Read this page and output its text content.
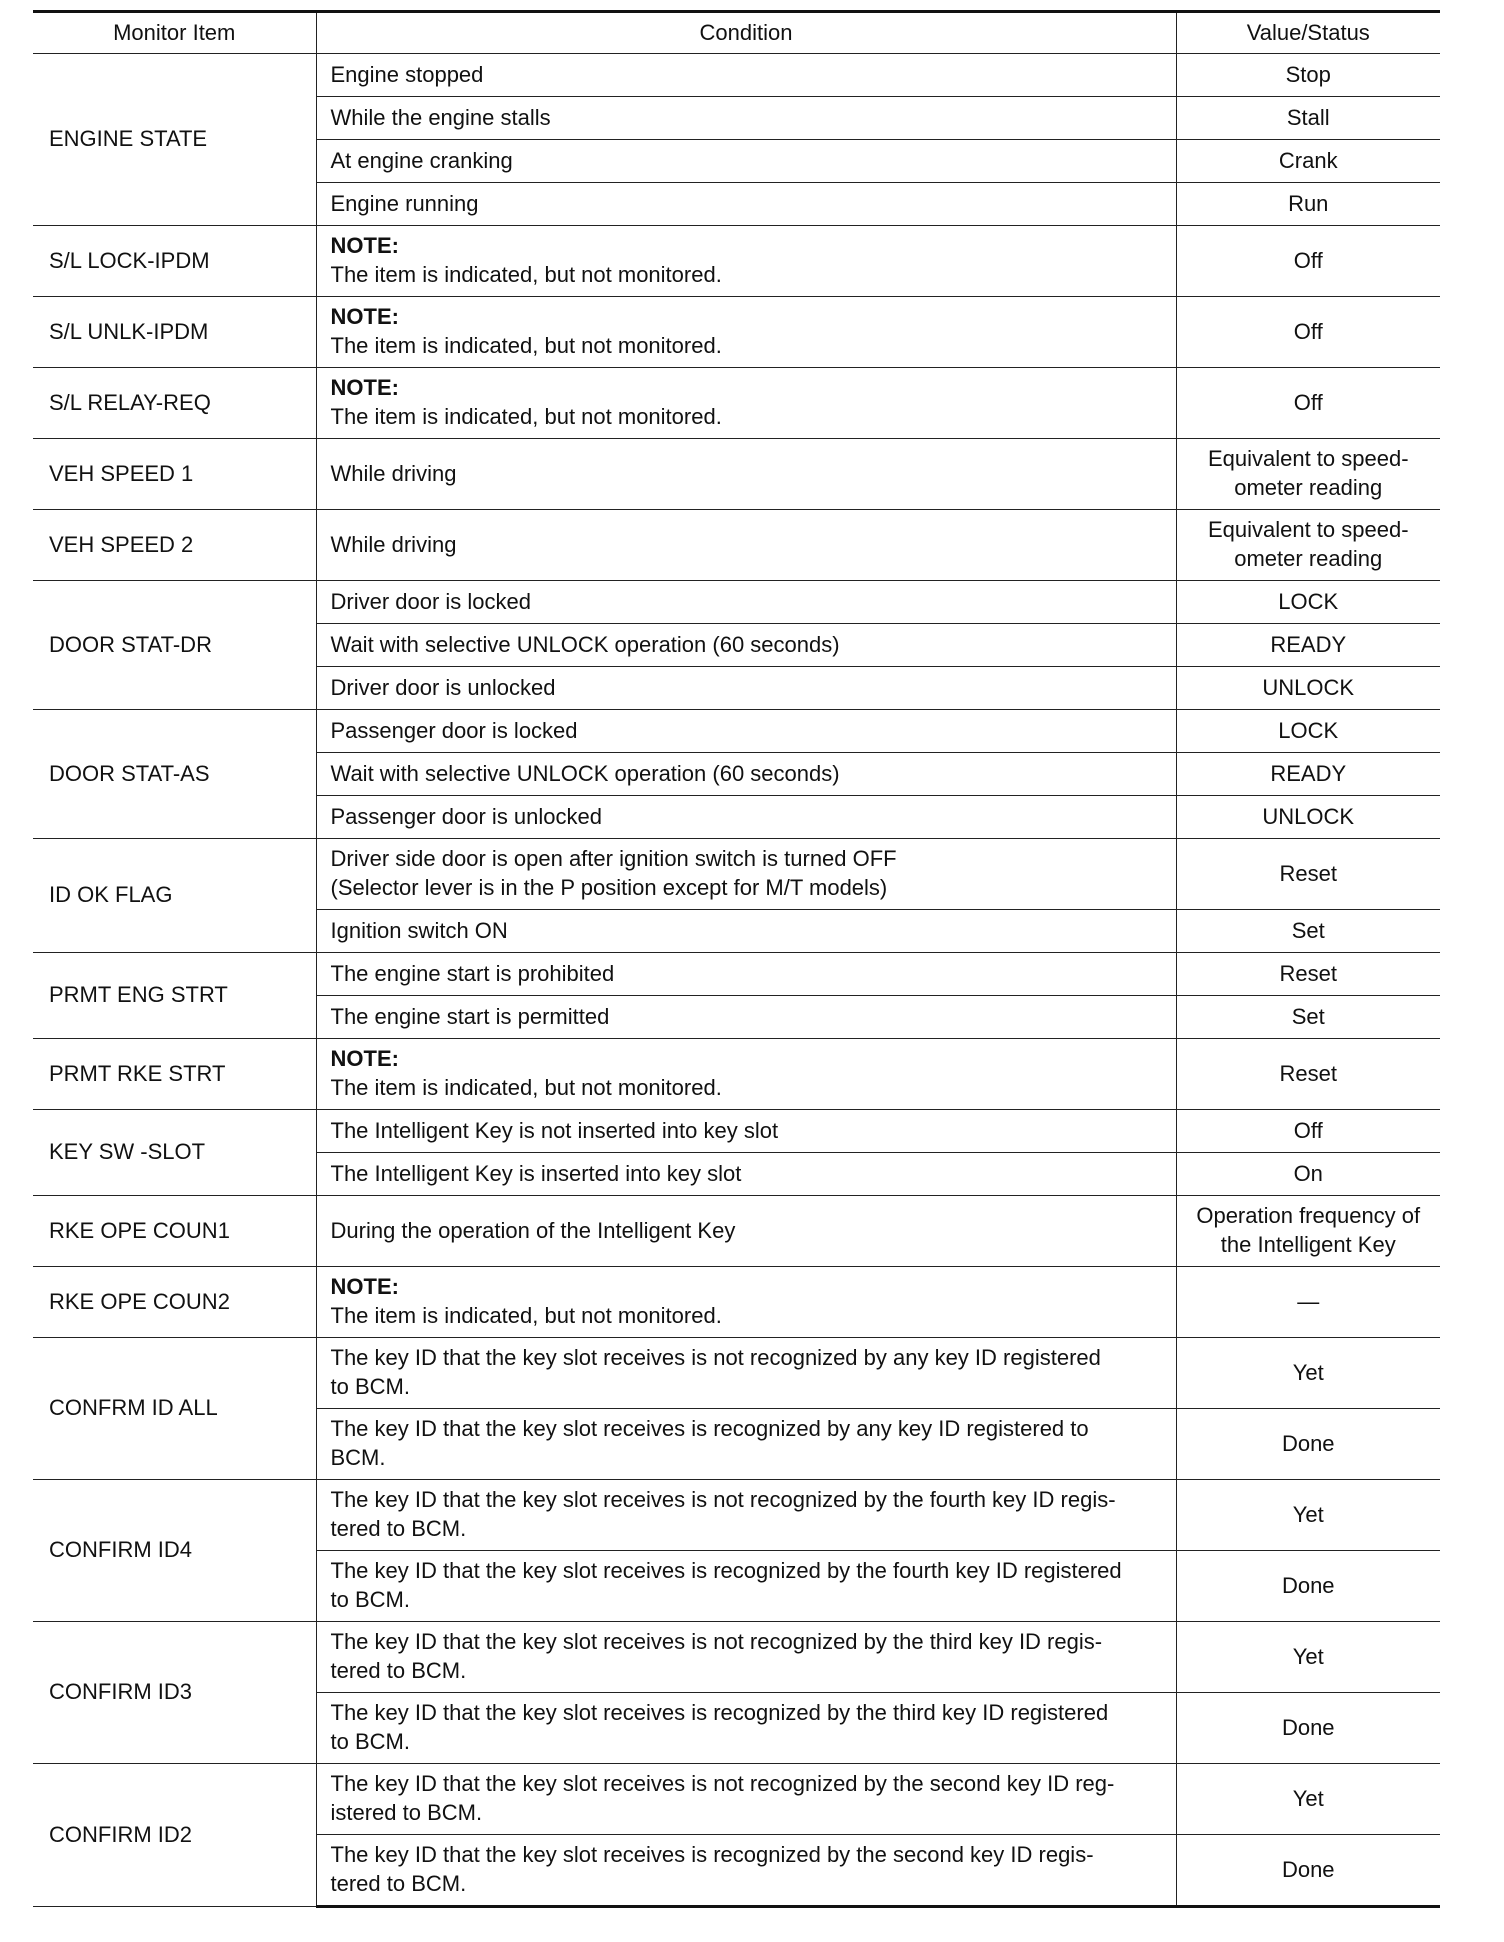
Monitor Item	Condition	Value/Status
ENGINE STATE	Engine stopped	Stop

	While the engine stalls	Stall

	At engine cranking	Crank

	Engine running	Run
S/L LOCK-IPDM	NOTE:
The item is indicated, but not monitored.	Off
S/L UNLK-IPDM	NOTE:
The item is indicated, but not monitored.	Off
S/L RELAY-REQ	NOTE:
The item is indicated, but not monitored.	Off
VEH SPEED 1	While driving	Equivalent to speed-
ometer reading
VEH SPEED 2	While driving	Equivalent to speed-
ometer reading
DOOR STAT-DR	Driver door is locked	LOCK

	Wait with selective UNLOCK operation (60 seconds)	READY

	Driver door is unlocked	UNLOCK
DOOR STAT-AS	Passenger door is locked	LOCK

	Wait with selective UNLOCK operation (60 seconds)	READY

	Passenger door is unlocked	UNLOCK
ID OK FLAG	Driver side door is open after ignition switch is turned OFF
(Selector lever is in the P position except for M/T models)	Reset

	Ignition switch ON	Set
PRMT ENG STRT	The engine start is prohibited	Reset

	The engine start is permitted	Set
PRMT RKE STRT	NOTE:
The item is indicated, but not monitored.	Reset
KEY SW -SLOT	The Intelligent Key is not inserted into key slot	Off

	The Intelligent Key is inserted into key slot	On
RKE OPE COUN1	During the operation of the Intelligent Key	Operation frequency of
the Intelligent Key
RKE OPE COUN2	NOTE:
The item is indicated, but not monitored.	—
CONFRM ID ALL	The key ID that the key slot receives is not recognized by any key ID registered
to BCM.	Yet

	The key ID that the key slot receives is recognized by any key ID registered to
BCM.	Done
CONFIRM ID4	The key ID that the key slot receives is not recognized by the fourth key ID regis-
tered to BCM.	Yet

	The key ID that the key slot receives is recognized by the fourth key ID registered
to BCM.	Done
CONFIRM ID3	The key ID that the key slot receives is not recognized by the third key ID regis-
tered to BCM.	Yet

	The key ID that the key slot receives is recognized by the third key ID registered
to BCM.	Done
CONFIRM ID2	The key ID that the key slot receives is not recognized by the second key ID reg-
istered to BCM.	Yet

	The key ID that the key slot receives is recognized by the second key ID regis-
tered to BCM.	Done
